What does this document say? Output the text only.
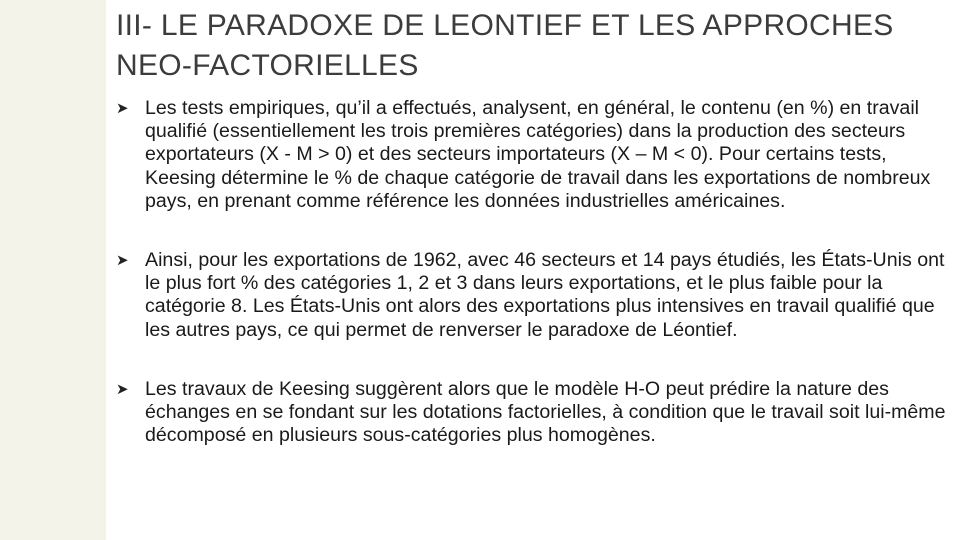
III- LE PARADOXE DE LEONTIEF ET LES APPROCHES NEO-FACTORIELLES
➤ Les tests empiriques, qu’il a effectués, analysent, en général, le contenu (en %) en travail qualifié (essentiellement les trois premières catégories) dans la production des secteurs exportateurs (X - M > 0) et des secteurs importateurs (X – M < 0). Pour certains tests, Keesing détermine le % de chaque catégorie de travail dans les exportations de nombreux pays, en prenant comme référence les données industrielles américaines.
➤ Ainsi, pour les exportations de 1962, avec 46 secteurs et 14 pays étudiés, les États-Unis ont le plus fort % des catégories 1, 2 et 3 dans leurs exportations, et le plus faible pour la catégorie 8. Les États-Unis ont alors des exportations plus intensives en travail qualifié que les autres pays, ce qui permet de renverser le paradoxe de Léontief.
➤ Les travaux de Keesing suggèrent alors que le modèle H-O peut prédire la nature des échanges en se fondant sur les dotations factorielles, à condition que le travail soit lui-même décomposé en plusieurs sous-catégories plus homogènes.
